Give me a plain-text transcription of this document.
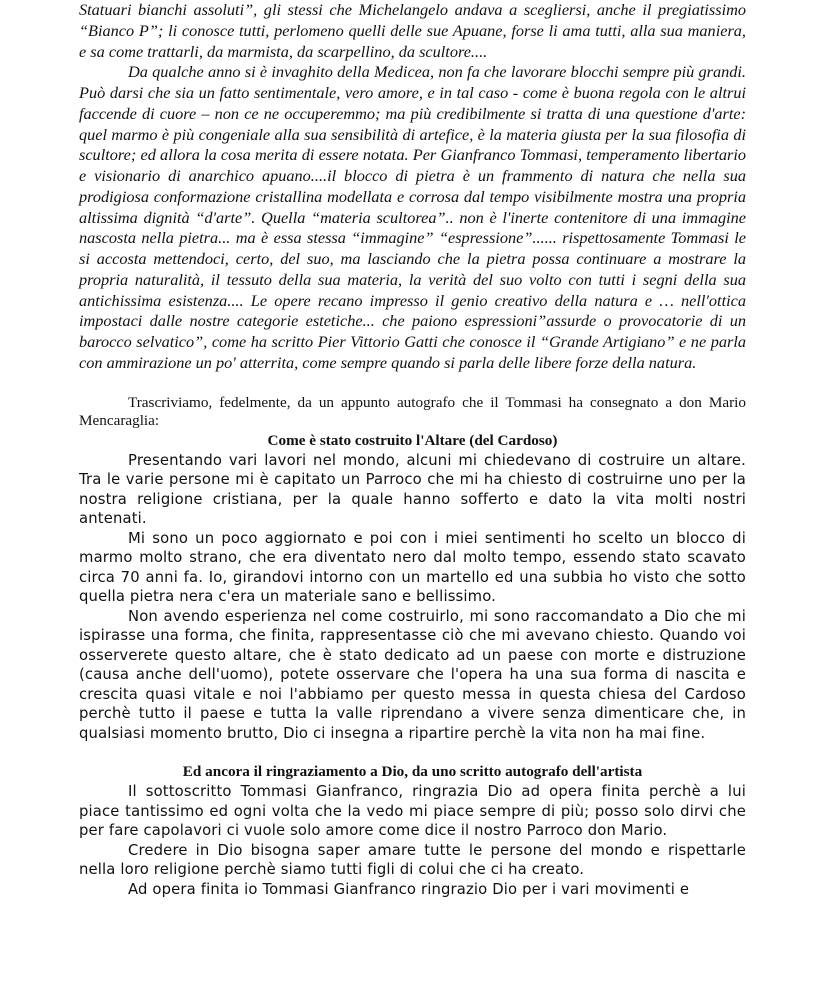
Statuari bianchi assoluti”, gli stessi che Michelangelo andava a scegliersi, anche il pregiatissimo “Bianco P”; li conosce tutti, perlomeno quelli delle sue Apuane, forse li ama tutti, alla sua maniera, e sa come trattarli, da marmista, da scarpellino, da scultore....

Da qualche anno si è invaghito della Medicea, non fa che lavorare blocchi sempre più grandi. Può darsi che sia un fatto sentimentale, vero amore, e in tal caso - come è buona regola con le altrui faccende di cuore – non ce ne occuperemmo; ma più credibilmente si tratta di una questione d'arte: quel marmo è più congeniale alla sua sensibilità di artefice, è la materia giusta per la sua filosofia di scultore; ed allora la cosa merita di essere notata. Per Gianfranco Tommasi, temperamento libertario e visionario di anarchico apuano....il blocco di pietra è un frammento di natura che nella sua prodigiosa conformazione cristallina modellata e corrosa dal tempo visibilmente mostra una propria altissima dignità “d'arte”. Quella “materia scultorea”.. non è l'inerte contenitore di una immagine nascosta nella pietra... ma è essa stessa “immagine” “espressione”...... rispettosamente Tommasi le si accosta mettendoci, certo, del suo, ma lasciando che la pietra possa continuare a mostrare la propria naturalità, il tessuto della sua materia, la verità del suo volto con tutti i segni della sua antichissima esistenza.... Le opere recano impresso il genio creativo della natura e … nell'ottica impostaci dalle nostre categorie estetiche... che paiono espressioni”assurde o provocatorie di un barocco selvatico”, come ha scritto Pier Vittorio Gatti che conosce il “Grande Artigiano” e ne parla con ammirazione un po' atterrita, come sempre quando si parla delle libere forze della natura.

Trascriviamo, fedelmente, da un appunto autografo che il Tommasi ha consegnato a don Mario Mencaraglia:

Come è stato costruito l'Altare (del Cardoso)

Presentando vari lavori nel mondo, alcuni mi chiedevano di costruire un altare. Tra le varie persone mi è capitato un Parroco che mi ha chiesto di costruirne uno per la nostra religione cristiana, per la quale hanno sofferto e dato la vita molti nostri antenati.

Mi sono un poco aggiornato e poi con i miei sentimenti ho scelto un blocco di marmo molto strano, che era diventato nero dal molto tempo, essendo stato scavato circa 70 anni fa. Io, girandovi intorno con un martello ed una subbia ho visto che sotto quella pietra nera c'era un materiale sano e bellissimo.

Non avendo esperienza nel come costruirlo, mi sono raccomandato a Dio che mi ispirasse una forma, che finita, rappresentasse ciò che mi avevano chiesto. Quando voi osserverete questo altare, che è stato dedicato ad un paese con morte e distruzione (causa anche dell'uomo), potete osservare che l'opera ha una sua forma di nascita e crescita quasi vitale e noi l'abbiamo per questo messa in questa chiesa del Cardoso perchè tutto il paese e tutta la valle riprendano a vivere senza dimenticare che, in qualsiasi momento brutto, Dio ci insegna a ripartire perchè la vita non ha mai fine.

Ed ancora il ringraziamento a Dio, da uno scritto autografo dell'artista

Il sottoscritto Tommasi Gianfranco, ringrazia Dio ad opera finita perchè a lui piace tantissimo ed ogni volta che la vedo mi piace sempre di più; posso solo dirvi che per fare capolavori ci vuole solo amore come dice il nostro Parroco don Mario.

Credere in Dio bisogna saper amare tutte le persone del mondo e rispettarle nella loro religione perchè siamo tutti figli di colui che ci ha creato.

Ad opera finita io Tommasi Gianfranco ringrazio Dio per i vari movimenti e
